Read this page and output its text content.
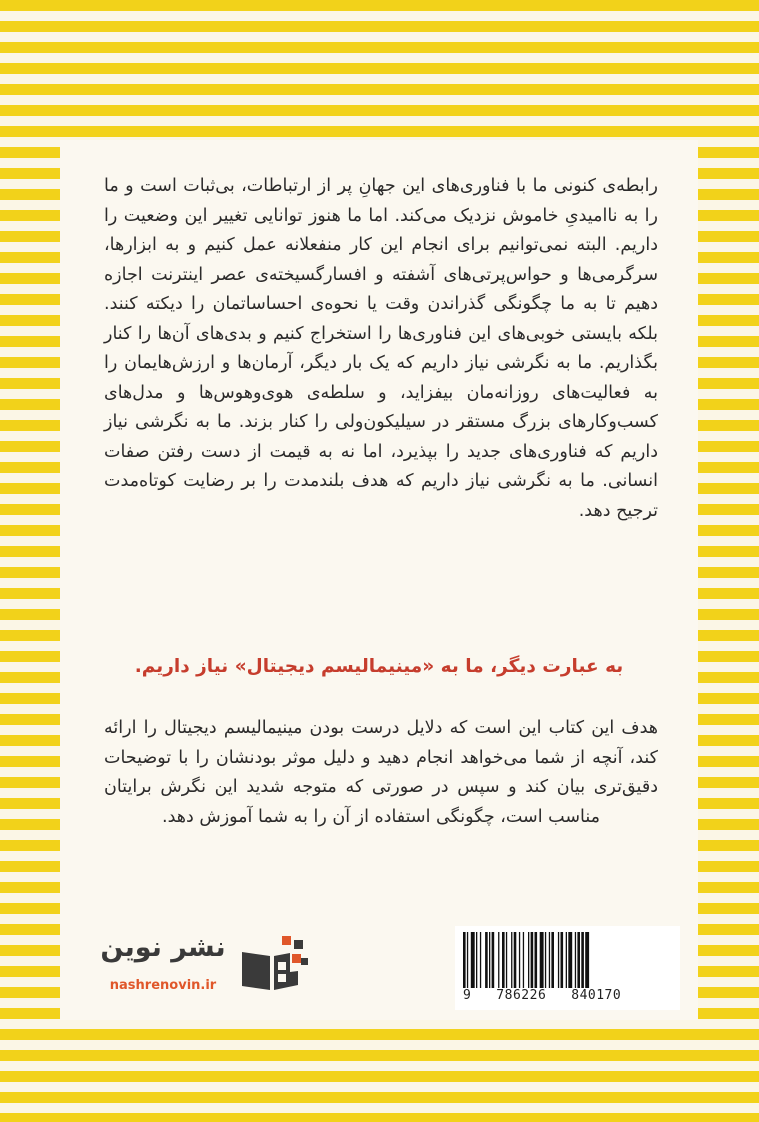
رابطه‌ی کنونی ما با فناوری‌های این جهانِ پر از ارتباطات، بی‌ثبات است و ما را به ناامیدیِ خاموش نزدیک می‌کند. اما ما هنوز توانایی تغییر این وضعیت را داریم. البته نمی‌توانیم برای انجام این کار منفعلانه عمل کنیم و به ابزارها، سرگرمی‌ها و حواس‌پرتی‌های آشفته و افسارگسیخته‌ی عصر اینترنت اجازه دهیم تا به ما چگونگی گذراندن وقت یا نحوه‌ی احساساتمان را دیکته کنند. بلکه بایستی خوبی‌های این فناوری‌ها را استخراج کنیم و بدی‌های آن‌ها را کنار بگذاریم. ما به نگرشی نیاز داریم که یک بار دیگر، آرمان‌ها و ارزش‌هایمان را به فعالیت‌های روزانه‌مان بیفزاید، و سلطه‌ی هوی‌وهوس‌ها و مدل‌های کسب‌وکارهای بزرگ مستقر در سیلیکون‌ولی را کنار بزند. ما به نگرشی نیاز داریم که فناوری‌های جدید را بپذیرد، اما نه به قیمت از دست رفتن صفات انسانی. ما به نگرشی نیاز داریم که هدف بلندمدت را بر رضایت کوتاه‌مدت ترجیح دهد.

به عبارت دیگر، ما به «مینیمالیسم دیجیتال» نیاز داریم.

هدف این کتاب این است که دلایل درست بودن مینیمالیسم دیجیتال را ارائه کند، آنچه از شما می‌خواهد انجام دهید و دلیل موثر بودنشان را با توضیحات دقیق‌تری بیان کند و سپس در صورتی که متوجه شدید این نگرش برایتان مناسب است، چگونگی استفاده از آن را به شما آموزش دهد.

نشر نوین
nashrenovin.ir
9   786226   840170
